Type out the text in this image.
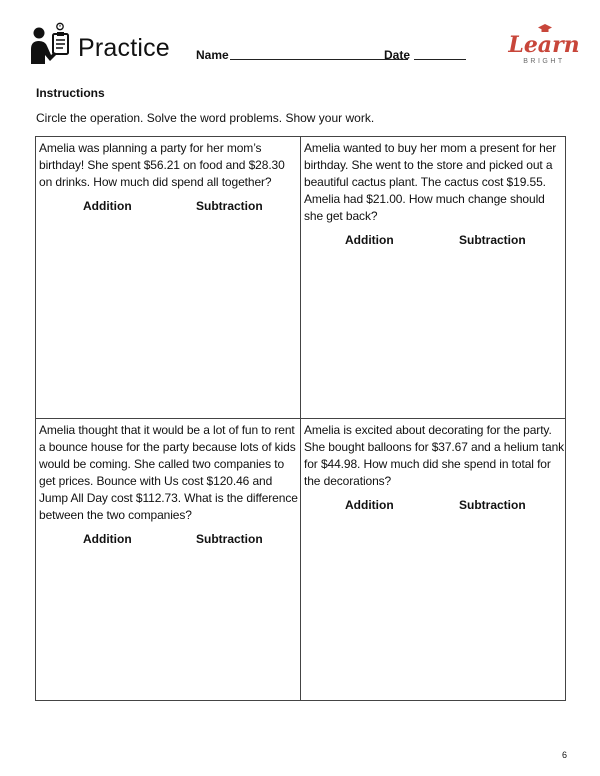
Practice Name	Date	Learn
BRIGHT
Instructions
Circle the operation. Solve the word problems. Show your work.

Amelia was planning a party for her mom’s birthday! She spent $56.21 on food and $28.30 on drinks. How much did spend all together?

Addition	Subtraction

Amelia wanted to buy her mom a present for her birthday. She went to the store and picked out a beautiful cactus plant. The cactus cost $19.55. Amelia had $21.00. How much change should she get back?

Addition	Subtraction

Amelia thought that it would be a lot of fun to rent a bounce house for the party because lots of kids would be coming. She called two companies to get prices. Bounce with Us cost $120.46 and Jump All Day cost $112.73. What is the difference between the two companies?

Addition	Subtraction

Amelia is excited about decorating for the party. She bought balloons for $37.67 and a helium tank for $44.98. How much did she spend in total for the decorations?

Addition	Subtraction
6
